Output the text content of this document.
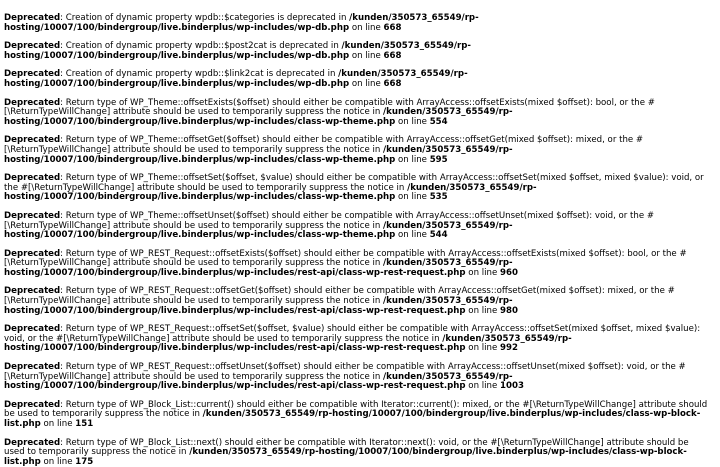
Deprecated: Creation of dynamic property wpdb::$categories is deprecated in /kunden/350573_65549/rp-hosting/10007/100/bindergroup/live.binderplus/wp-includes/wp-db.php on line 668

Deprecated: Creation of dynamic property wpdb::$post2cat is deprecated in /kunden/350573_65549/rp-hosting/10007/100/bindergroup/live.binderplus/wp-includes/wp-db.php on line 668

Deprecated: Creation of dynamic property wpdb::$link2cat is deprecated in /kunden/350573_65549/rp-hosting/10007/100/bindergroup/live.binderplus/wp-includes/wp-db.php on line 668

Deprecated: Return type of WP_Theme::offsetExists($offset) should either be compatible with ArrayAccess::offsetExists(mixed $offset): bool, or the #[\ReturnTypeWillChange] attribute should be used to temporarily suppress the notice in /kunden/350573_65549/rp-hosting/10007/100/bindergroup/live.binderplus/wp-includes/class-wp-theme.php on line 554

Deprecated: Return type of WP_Theme::offsetGet($offset) should either be compatible with ArrayAccess::offsetGet(mixed $offset): mixed, or the #[\ReturnTypeWillChange] attribute should be used to temporarily suppress the notice in /kunden/350573_65549/rp-hosting/10007/100/bindergroup/live.binderplus/wp-includes/class-wp-theme.php on line 595

Deprecated: Return type of WP_Theme::offsetSet($offset, $value) should either be compatible with ArrayAccess::offsetSet(mixed $offset, mixed $value): void, or the #[\ReturnTypeWillChange] attribute should be used to temporarily suppress the notice in /kunden/350573_65549/rp-hosting/10007/100/bindergroup/live.binderplus/wp-includes/class-wp-theme.php on line 535

Deprecated: Return type of WP_Theme::offsetUnset($offset) should either be compatible with ArrayAccess::offsetUnset(mixed $offset): void, or the #[\ReturnTypeWillChange] attribute should be used to temporarily suppress the notice in /kunden/350573_65549/rp-hosting/10007/100/bindergroup/live.binderplus/wp-includes/class-wp-theme.php on line 544

Deprecated: Return type of WP_REST_Request::offsetExists($offset) should either be compatible with ArrayAccess::offsetExists(mixed $offset): bool, or the #[\ReturnTypeWillChange] attribute should be used to temporarily suppress the notice in /kunden/350573_65549/rp-hosting/10007/100/bindergroup/live.binderplus/wp-includes/rest-api/class-wp-rest-request.php on line 960

Deprecated: Return type of WP_REST_Request::offsetGet($offset) should either be compatible with ArrayAccess::offsetGet(mixed $offset): mixed, or the #[\ReturnTypeWillChange] attribute should be used to temporarily suppress the notice in /kunden/350573_65549/rp-hosting/10007/100/bindergroup/live.binderplus/wp-includes/rest-api/class-wp-rest-request.php on line 980

Deprecated: Return type of WP_REST_Request::offsetSet($offset, $value) should either be compatible with ArrayAccess::offsetSet(mixed $offset, mixed $value): void, or the #[\ReturnTypeWillChange] attribute should be used to temporarily suppress the notice in /kunden/350573_65549/rp-hosting/10007/100/bindergroup/live.binderplus/wp-includes/rest-api/class-wp-rest-request.php on line 992

Deprecated: Return type of WP_REST_Request::offsetUnset($offset) should either be compatible with ArrayAccess::offsetUnset(mixed $offset): void, or the #[\ReturnTypeWillChange] attribute should be used to temporarily suppress the notice in /kunden/350573_65549/rp-hosting/10007/100/bindergroup/live.binderplus/wp-includes/rest-api/class-wp-rest-request.php on line 1003

Deprecated: Return type of WP_Block_List::current() should either be compatible with Iterator::current(): mixed, or the #[\ReturnTypeWillChange] attribute should be used to temporarily suppress the notice in /kunden/350573_65549/rp-hosting/10007/100/bindergroup/live.binderplus/wp-includes/class-wp-block-list.php on line 151

Deprecated: Return type of WP_Block_List::next() should either be compatible with Iterator::next(): void, or the #[\ReturnTypeWillChange] attribute should be used to temporarily suppress the notice in /kunden/350573_65549/rp-hosting/10007/100/bindergroup/live.binderplus/wp-includes/class-wp-block-list.php on line 175
